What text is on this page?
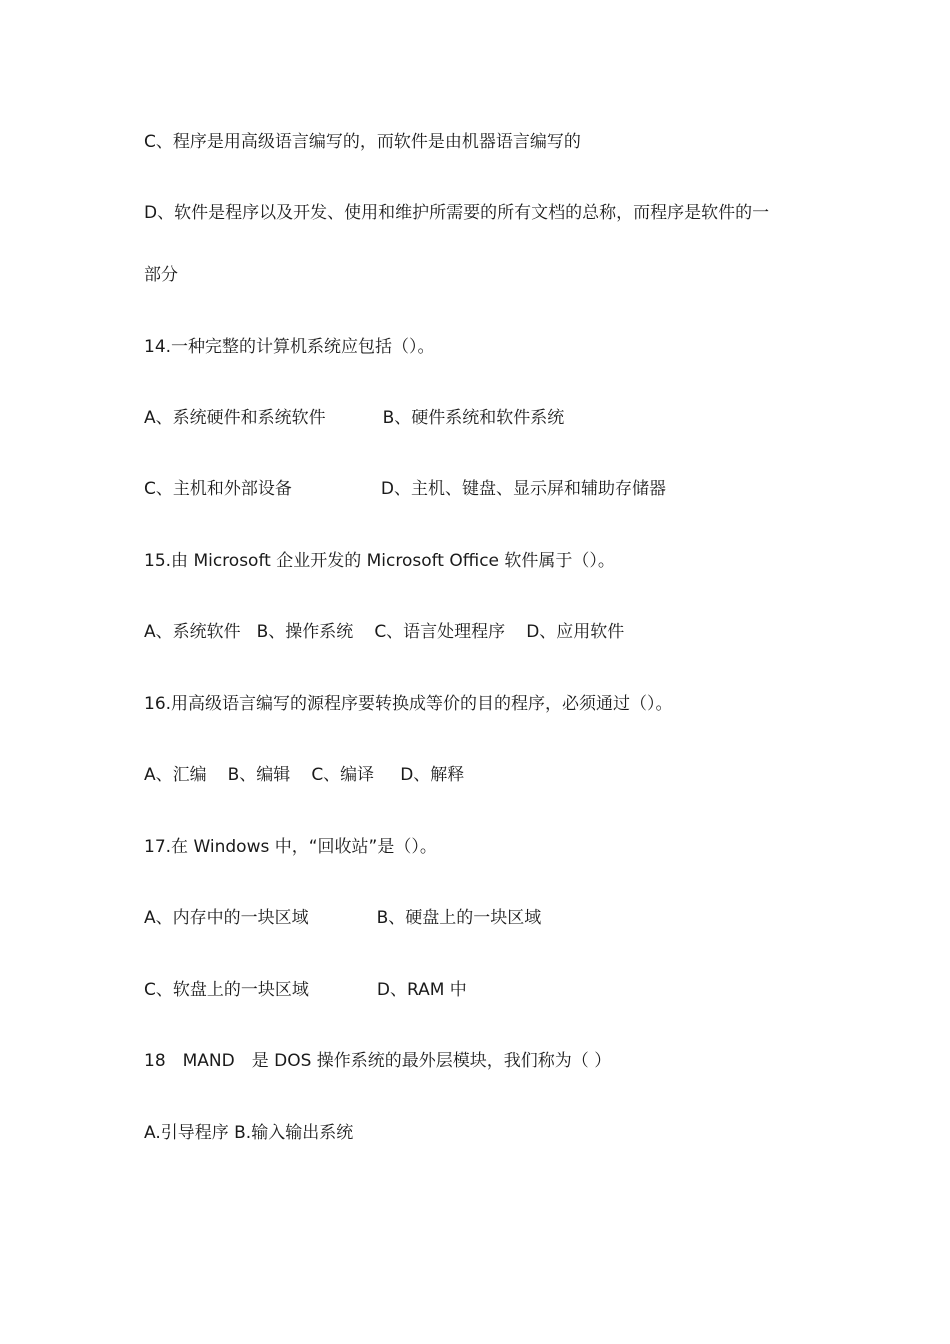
C、程序是用高级语言编写的，而软件是由机器语言编写的
D、软件是程序以及开发、使用和维护所需要的所有文档的总称，而程序是软件的一
部分
14.一种完整的计算机系统应包括（）。
A、系统硬件和系统软件	B、硬件系统和软件系统
C、主机和外部设备	D、主机、键盘、显示屏和辅助存储器
15.由 Microsoft 企业开发的 Microsoft Office 软件属于（）。
A、系统软件 B、操作系统 C、语言处理程序 D、应用软件
16.用高级语言编写的源程序要转换成等价的目的程序，必须通过（）。
A、汇编 B、编辑 C、编译 D、解释
17.在 Windows 中，“回收站”是（）。
A、内存中的一块区域	B、硬盘上的一块区域
C、软盘上的一块区域	D、RAM 中
18　MAND　是 DOS 操作系统的最外层模块，我们称为（ ）
A.引导程序 B.输入输出系统
